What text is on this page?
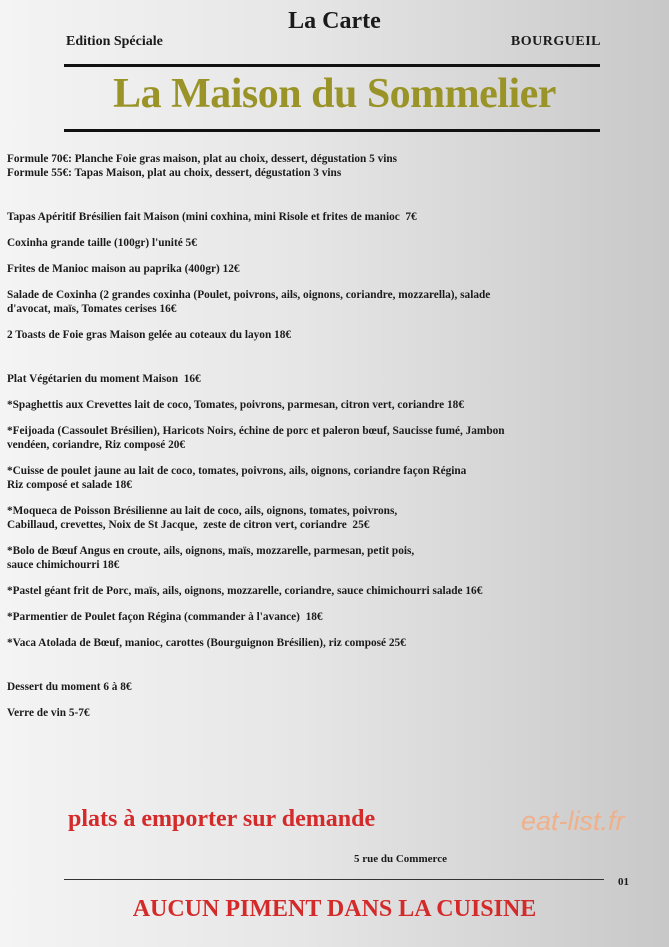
La Carte
Edition Spéciale	BOURGUEIL
La Maison du Sommelier
Formule 70€: Planche Foie gras maison, plat au choix, dessert, dégustation 5 vins
Formule 55€: Tapas Maison, plat au choix, dessert, dégustation 3 vins
Tapas Apéritif Brésilien fait Maison (mini coxhina, mini Risole et frites de manioc  7€
Coxinha grande taille (100gr) l'unité 5€
Frites de Manioc maison au paprika (400gr) 12€
Salade de Coxinha (2 grandes coxinha (Poulet, poivrons, ails, oignons, coriandre, mozzarella), salade
d'avocat, maïs, Tomates cerises 16€
2 Toasts de Foie gras Maison gelée au coteaux du layon 18€
Plat Végétarien du moment Maison  16€
*Spaghettis aux Crevettes lait de coco, Tomates, poivrons, parmesan, citron vert, coriandre 18€
*Feijoada (Cassoulet Brésilien), Haricots Noirs, échine de porc et paleron bœuf, Saucisse fumé, Jambon
vendéen, coriandre, Riz composé 20€
*Cuisse de poulet jaune au lait de coco, tomates, poivrons, ails, oignons, coriandre façon Régina
Riz composé et salade 18€
*Moqueca de Poisson Brésilienne au lait de coco, ails, oignons, tomates, poivrons,
Cabillaud, crevettes, Noix de St Jacque,  zeste de citron vert, coriandre  25€
*Bolo de Bœuf Angus en croute, ails, oignons, maïs, mozzarelle, parmesan, petit pois,
sauce chimichourri 18€
*Pastel géant frit de Porc, maïs, ails, oignons, mozzarelle, coriandre, sauce chimichourri salade 16€
*Parmentier de Poulet façon Régina (commander à l'avance)  18€
*Vaca Atolada de Bœuf, manioc, carottes (Bourguignon Brésilien), riz composé 25€
Dessert du moment 6 à 8€
Verre de vin 5-7€
plats à emporter sur demande	eat-list.fr
5 rue du Commerce
01
AUCUN PIMENT DANS LA CUISINE
